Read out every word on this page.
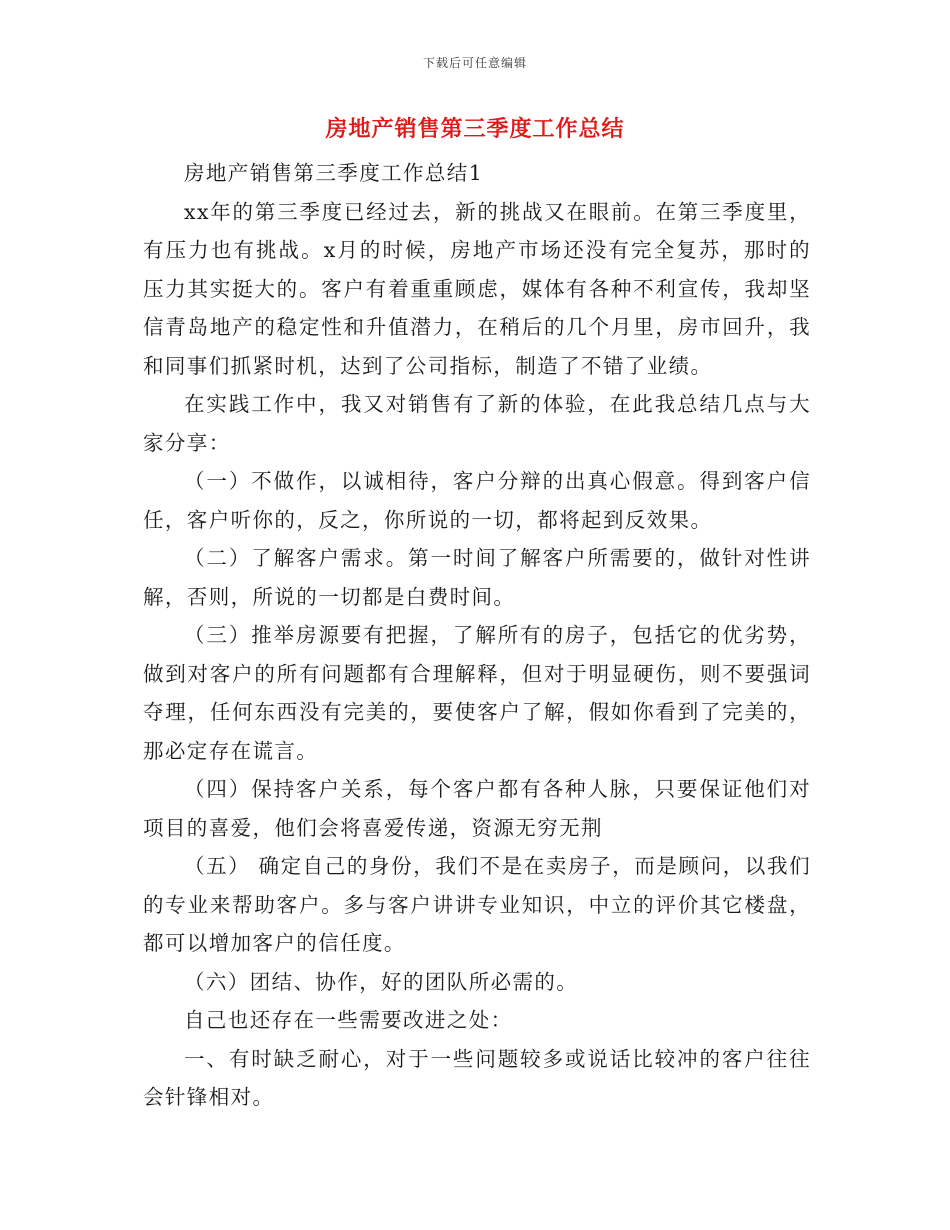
下载后可任意编辑
房地产销售第三季度工作总结

房地产销售第三季度工作总结1

xx年的第三季度已经过去，新的挑战又在眼前。在第三季度里，有压力也有挑战。x月的时候，房地产市场还没有完全复苏，那时的压力其实挺大的。客户有着重重顾虑，媒体有各种不利宣传，我却坚信青岛地产的稳定性和升值潜力，在稍后的几个月里，房市回升，我和同事们抓紧时机，达到了公司指标，制造了不错了业绩。

在实践工作中，我又对销售有了新的体验，在此我总结几点与大家分享：

（一）不做作，以诚相待，客户分辩的出真心假意。得到客户信任，客户听你的，反之，你所说的一切，都将起到反效果。

（二）了解客户需求。第一时间了解客户所需要的，做针对性讲解，否则，所说的一切都是白费时间。

（三）推举房源要有把握，了解所有的房子，包括它的优劣势，做到对客户的所有问题都有合理解释，但对于明显硬伤，则不要强词夺理，任何东西没有完美的，要使客户了解，假如你看到了完美的，那必定存在谎言。

（四）保持客户关系，每个客户都有各种人脉，只要保证他们对项目的喜爱，他们会将喜爱传递，资源无穷无荆

（五） 确定自己的身份，我们不是在卖房子，而是顾问，以我们的专业来帮助客户。多与客户讲讲专业知识，中立的评价其它楼盘，都可以增加客户的信任度。

（六）团结、协作，好的团队所必需的。

自己也还存在一些需要改进之处：

一、有时缺乏耐心，对于一些问题较多或说话比较冲的客户往往会针锋相对。
